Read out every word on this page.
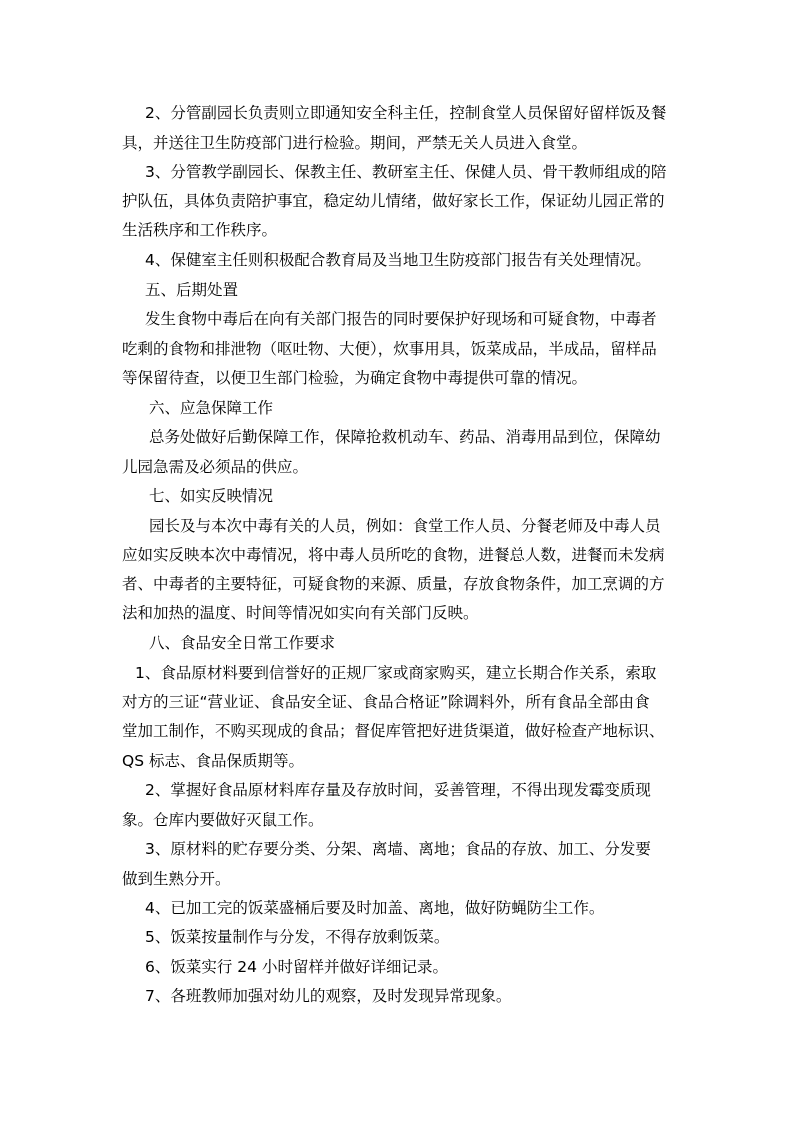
2、分管副园长负责则立即通知安全科主任，控制食堂人员保留好留样饭及餐
具，并送往卫生防疫部门进行检验。期间，严禁无关人员进入食堂。
3、分管教学副园长、保教主任、教研室主任、保健人员、骨干教师组成的陪
护队伍，具体负责陪护事宜，稳定幼儿情绪，做好家长工作，保证幼儿园正常的
生活秩序和工作秩序。
4、保健室主任则积极配合教育局及当地卫生防疫部门报告有关处理情况。
五、后期处置
发生食物中毒后在向有关部门报告的同时要保护好现场和可疑食物，中毒者
吃剩的食物和排泄物（呕吐物、大便），炊事用具，饭菜成品，半成品，留样品
等保留待查，以便卫生部门检验，为确定食物中毒提供可靠的情况。
六、应急保障工作
总务处做好后勤保障工作，保障抢救机动车、药品、消毒用品到位，保障幼
儿园急需及必须品的供应。
七、如实反映情况
园长及与本次中毒有关的人员，例如：食堂工作人员、分餐老师及中毒人员
应如实反映本次中毒情况，将中毒人员所吃的食物，进餐总人数，进餐而未发病
者、中毒者的主要特征，可疑食物的来源、质量，存放食物条件，加工烹调的方
法和加热的温度、时间等情况如实向有关部门反映。
八、食品安全日常工作要求
1、食品原材料要到信誉好的正规厂家或商家购买，建立长期合作关系，索取
对方的三证“营业证、食品安全证、食品合格证”除调料外，所有食品全部由食
堂加工制作，不购买现成的食品；督促库管把好进货渠道，做好检查产地标识、
QS 标志、食品保质期等。
2、掌握好食品原材料库存量及存放时间，妥善管理，不得出现发霉变质现
象。仓库内要做好灭鼠工作。
3、原材料的贮存要分类、分架、离墙、离地；食品的存放、加工、分发要
做到生熟分开。
4、已加工完的饭菜盛桶后要及时加盖、离地，做好防蝇防尘工作。
5、饭菜按量制作与分发，不得存放剩饭菜。
6、饭菜实行 24 小时留样并做好详细记录。
7、各班教师加强对幼儿的观察，及时发现异常现象。
